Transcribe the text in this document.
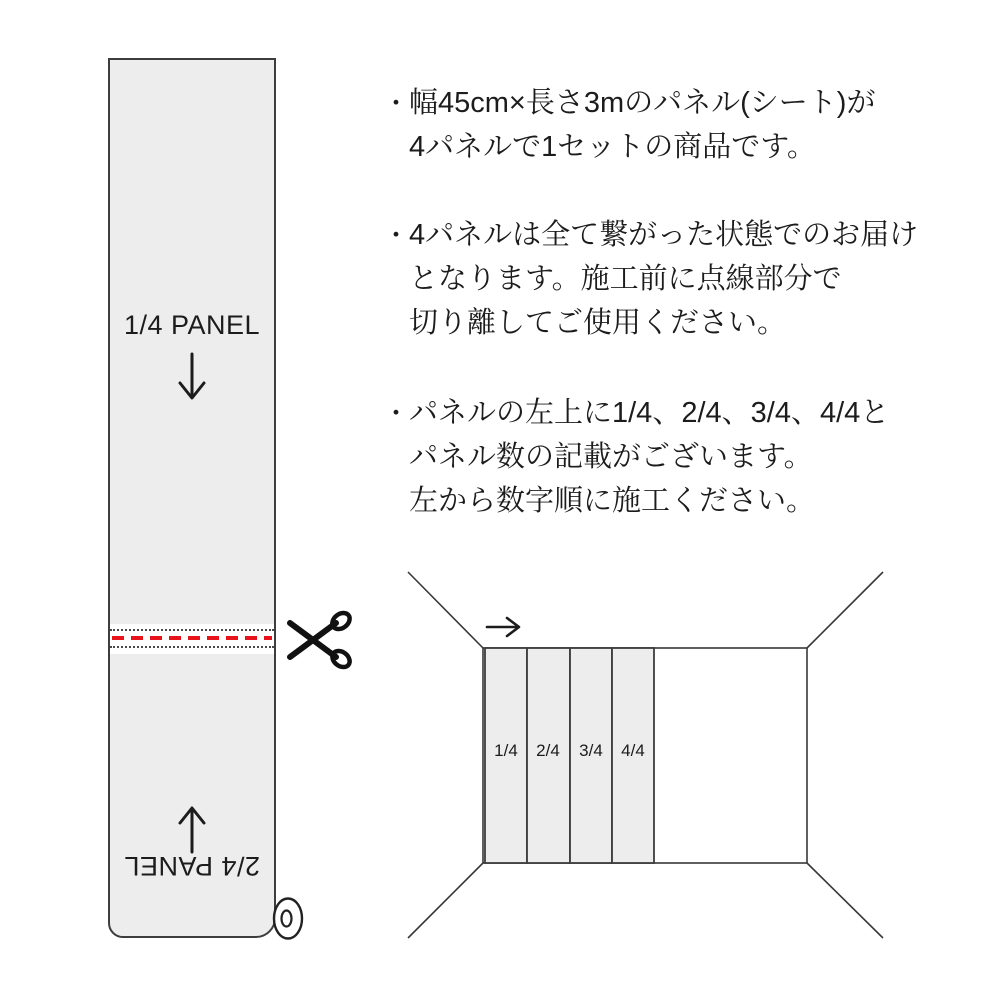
1/4 PANEL
2/4 PANEL
・ 幅45cm×長さ3mのパネル(シート)が
4パネルで1セットの商品です。
・ 4パネルは全て繋がった状態でのお届け
となります。施工前に点線部分で
切り離してご使用ください。
・ パネルの左上に1/4、2/4、3/4、4/4と
パネル数の記載がございます。
左から数字順に施工ください。
1/4 2/4 3/4 4/4
